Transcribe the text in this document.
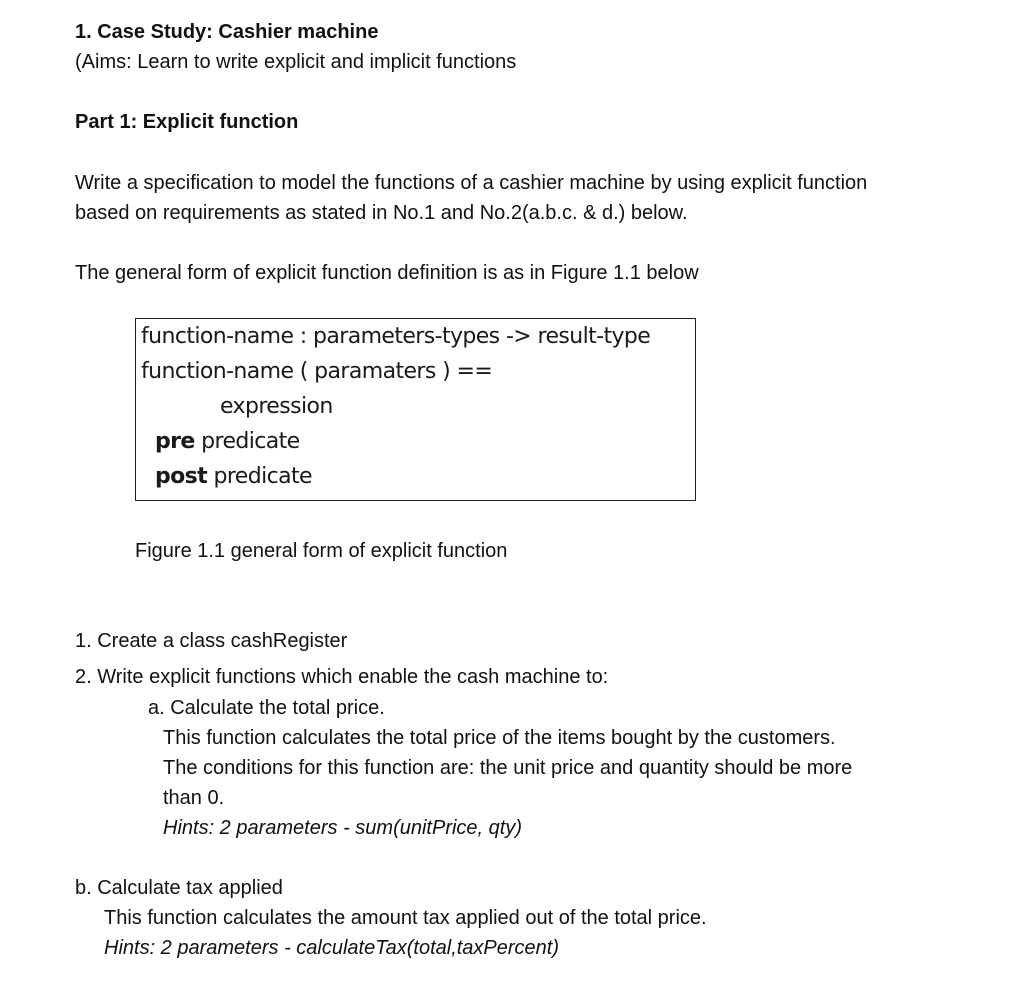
1. Case Study: Cashier machine
(Aims: Learn to write explicit and implicit functions
Part 1: Explicit function
Write a specification to model the functions of a cashier machine by using explicit function
based on requirements as stated in No.1 and No.2(a.b.c. & d.) below.
The general form of explicit function definition is as in Figure 1.1 below
function-name : parameters-types -> result-type
function-name ( paramaters ) ==
expression
pre predicate
post predicate
Figure 1.1 general form of explicit function
1. Create a class cashRegister
2. Write explicit functions which enable the cash machine to:
a. Calculate the total price.
This function calculates the total price of the items bought by the customers.
The conditions for this function are: the unit price and quantity should be more
than 0.
Hints: 2 parameters - sum(unitPrice, qty)
b. Calculate tax applied
This function calculates the amount tax applied out of the total price.
Hints: 2 parameters - calculateTax(total,taxPercent)
